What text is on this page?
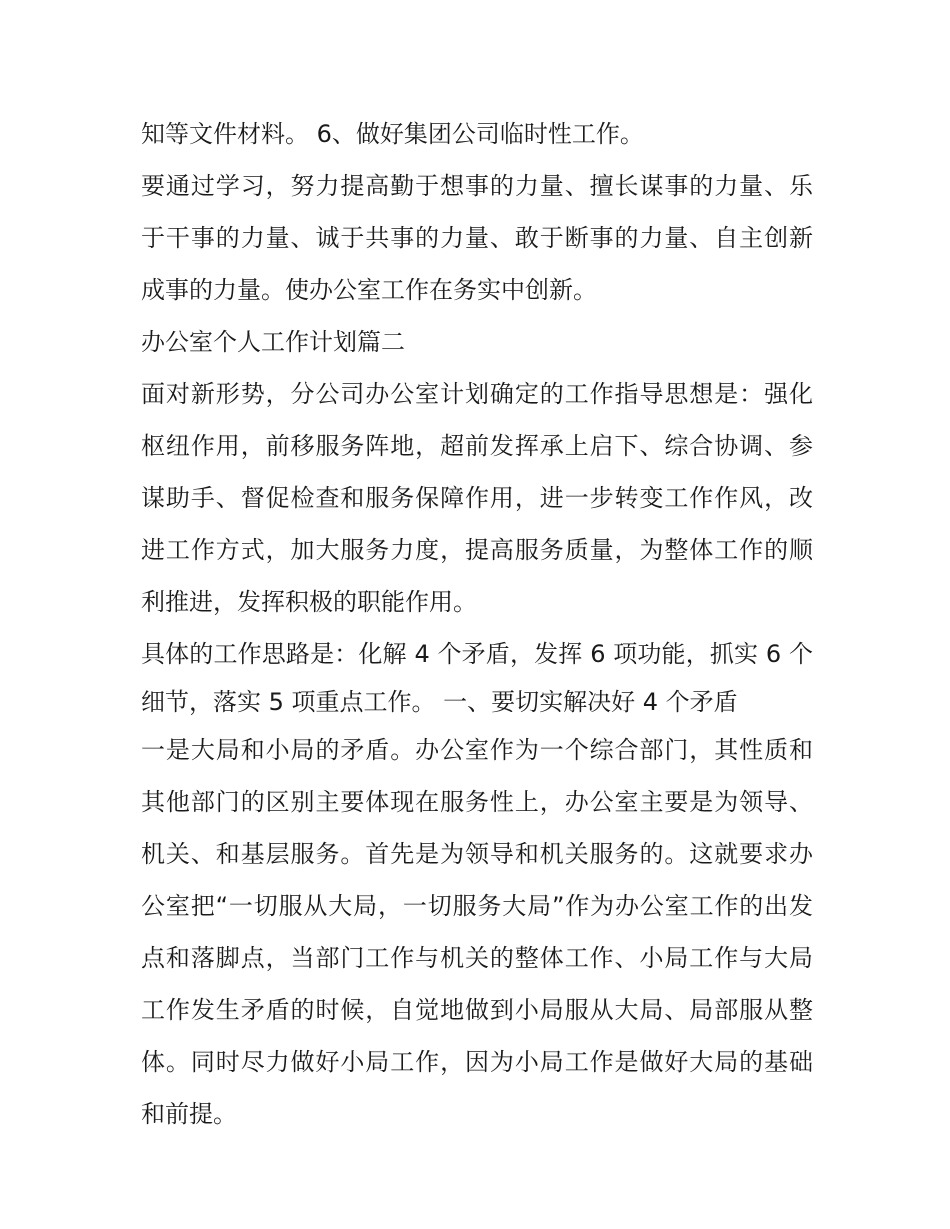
知等文件材料。 6、做好集团公司临时性工作。
要通过学习，努力提高勤于想事的力量、擅长谋事的力量、乐
于干事的力量、诚于共事的力量、敢于断事的力量、自主创新
成事的力量。使办公室工作在务实中创新。
办公室个人工作计划篇二
面对新形势，分公司办公室计划确定的工作指导思想是：强化
枢纽作用，前移服务阵地，超前发挥承上启下、综合协调、参
谋助手、督促检查和服务保障作用，进一步转变工作作风，改
进工作方式，加大服务力度，提高服务质量，为整体工作的顺
利推进，发挥积极的职能作用。
具体的工作思路是：化解 4 个矛盾，发挥 6 项功能，抓实 6 个
细节，落实 5 项重点工作。 一、要切实解决好 4 个矛盾
一是大局和小局的矛盾。办公室作为一个综合部门，其性质和
其他部门的区别主要体现在服务性上，办公室主要是为领导、
机关、和基层服务。首先是为领导和机关服务的。这就要求办
公室把“一切服从大局，一切服务大局”作为办公室工作的出发
点和落脚点，当部门工作与机关的整体工作、小局工作与大局
工作发生矛盾的时候，自觉地做到小局服从大局、局部服从整
体。同时尽力做好小局工作，因为小局工作是做好大局的基础
和前提。
